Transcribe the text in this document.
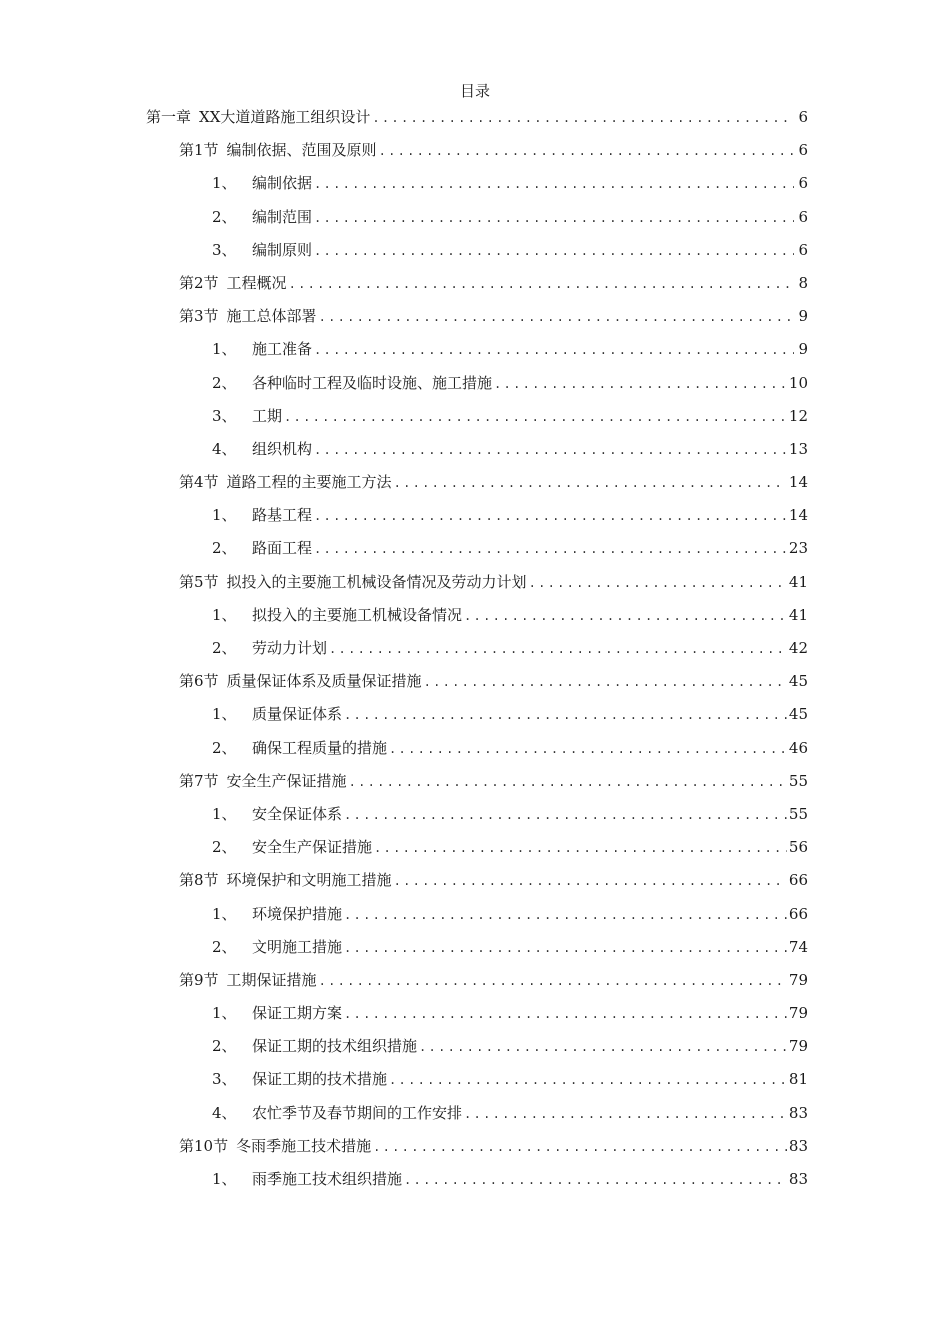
目录
第一章 XX大道道路施工组织设计 .....	6
第1节 编制依据、范围及原则 .....	6
1、	编制依据 .....	6
2、	编制范围 .....	6
3、	编制原则 .....	6
第2节 工程概况 .....	8
第3节 施工总体部署 .....	9
1、	施工准备 .....	9
2、	各种临时工程及临时设施、施工措施 .....	10
3、	工期 .....	12
4、	组织机构 .....	13
第4节 道路工程的主要施工方法 .....	14
1、	路基工程 .....	14
2、	路面工程 .....	23
第5节 拟投入的主要施工机械设备情况及劳动力计划 .....	41
1、	拟投入的主要施工机械设备情况 .....	41
2、	劳动力计划 .....	42
第6节 质量保证体系及质量保证措施 .....	45
1、	质量保证体系 .....	45
2、	确保工程质量的措施 .....	46
第7节 安全生产保证措施 .....	55
1、	安全保证体系 .....	55
2、	安全生产保证措施 .....	56
第8节 环境保护和文明施工措施 .....	66
1、	环境保护措施 .....	66
2、	文明施工措施 .....	74
第9节 工期保证措施 .....	79
1、	保证工期方案 .....	79
2、	保证工期的技术组织措施 .....	79
3、	保证工期的技术措施 .....	81
4、	农忙季节及春节期间的工作安排 .....	83
第10节 冬雨季施工技术措施 .....	83
1、	雨季施工技术组织措施 .....	83
